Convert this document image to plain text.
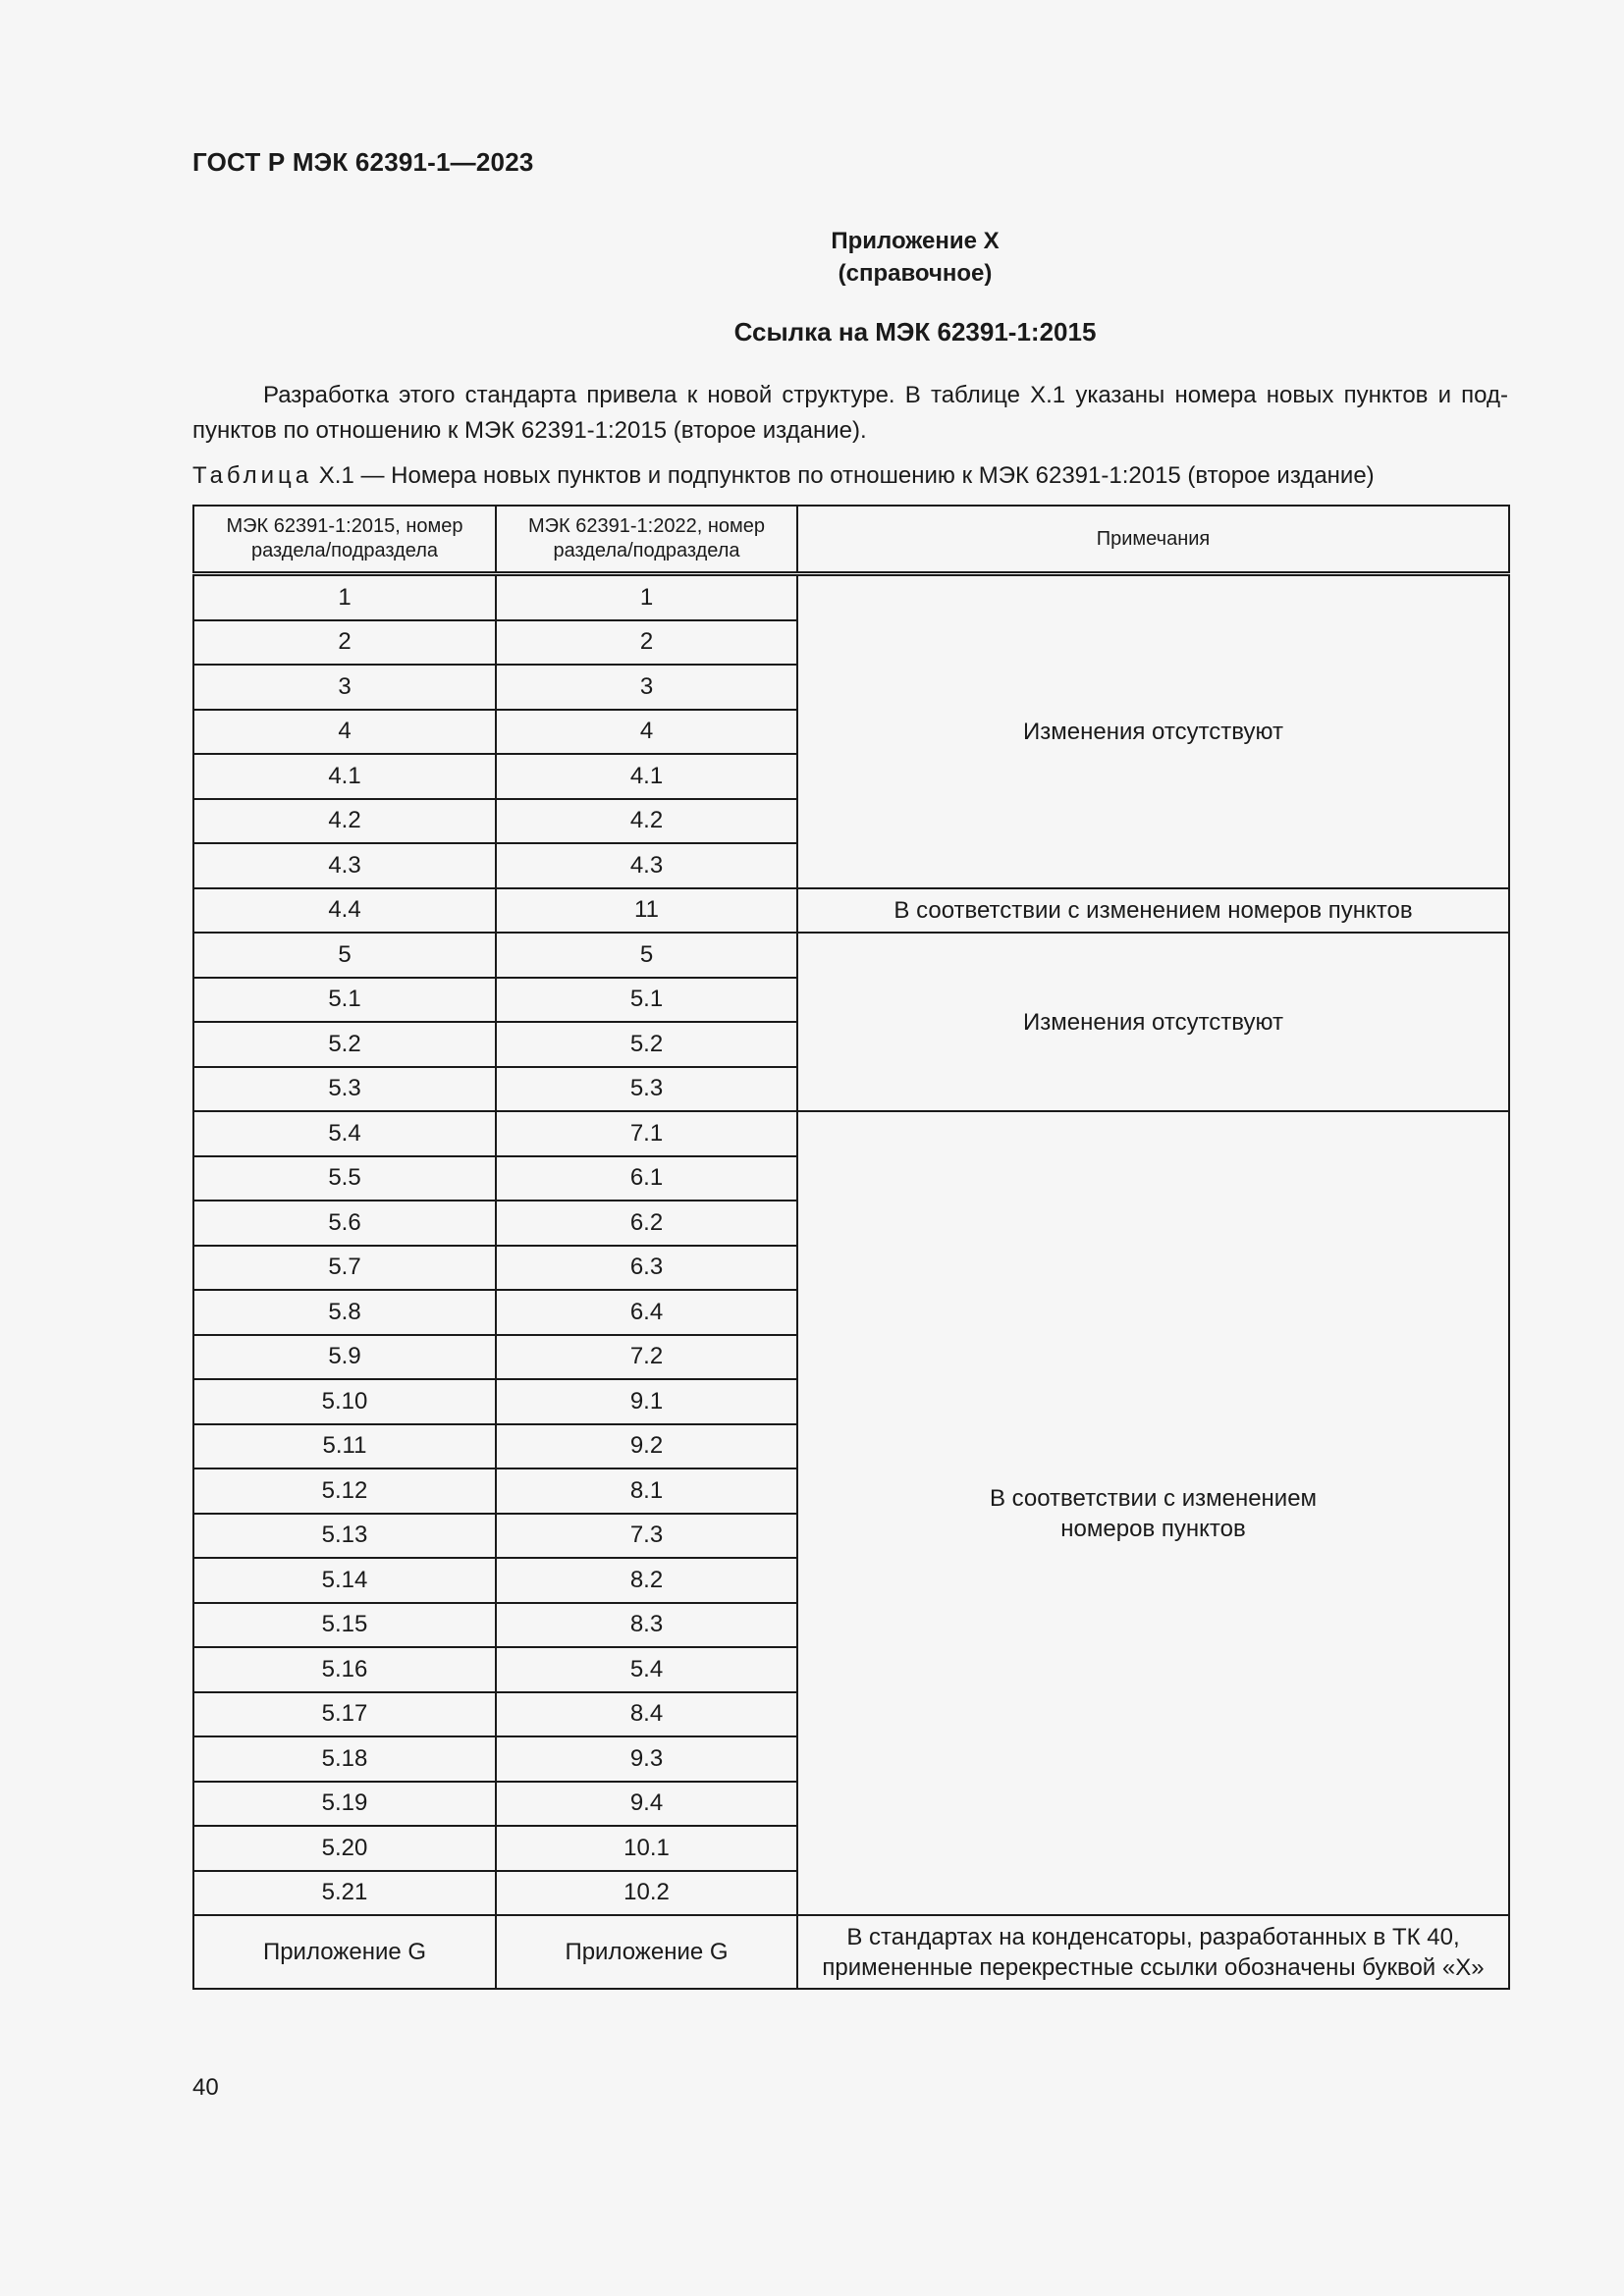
ГОСТ Р МЭК 62391-1—2023
Приложение X
(справочное)
Ссылка на МЭК 62391-1:2015
Разработка этого стандарта привела к новой структуре. В таблице X.1 указаны номера новых пунктов и под-пунктов по отношению к МЭК 62391-1:2015 (второе издание).
Таблица X.1 — Номера новых пунктов и подпунктов по отношению к МЭК 62391-1:2015 (второе издание)
МЭК 62391-1:2015, номер раздела/подраздела	МЭК 62391-1:2022, номер раздела/подраздела	Примечания
1	1	Изменения отсутствуют
2	2	
3	3	
4	4	
4.1	4.1	
4.2	4.2	
4.3	4.3	
4.4	11	В соответствии с изменением номеров пунктов
5	5	Изменения отсутствуют
5.1	5.1	
5.2	5.2	
5.3	5.3	
5.4	7.1	В соответствии с изменением номеров пунктов
5.5	6.1	
5.6	6.2	
5.7	6.3	
5.8	6.4	
5.9	7.2	
5.10	9.1	
5.11	9.2	
5.12	8.1	
5.13	7.3	
5.14	8.2	
5.15	8.3	
5.16	5.4	
5.17	8.4	
5.18	9.3	
5.19	9.4	
5.20	10.1	
5.21	10.2	
Приложение G	Приложение G	В стандартах на конденсаторы, разработанных в ТК 40, примененные перекрестные ссылки обозначены буквой «X»
40
